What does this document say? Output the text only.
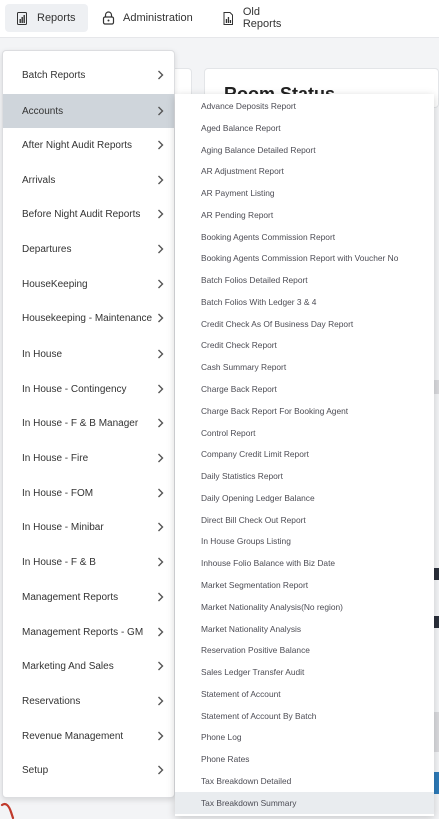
Reports	Administration	Old Reports
Batch Reports
Accounts
After Night Audit Reports
Arrivals
Before Night Audit Reports
Departures
HouseKeeping
Housekeeping - Maintenance
In House
In House - Contingency
In House - F & B Manager
In House - Fire
In House - FOM
In House - Minibar
In House - F & B
Management Reports
Management Reports - GM
Marketing And Sales
Reservations
Revenue Management
Setup
Advance Deposits Report
Aged Balance Report
Aging Balance Detailed Report
AR Adjustment Report
AR Payment Listing
AR Pending Report
Booking Agents Commission Report
Booking Agents Commission Report with Voucher No
Batch Folios Detailed Report
Batch Folios With Ledger 3 & 4
Credit Check As Of Business Day Report
Credit Check Report
Cash Summary Report
Charge Back Report
Charge Back Report For Booking Agent
Control Report
Company Credit Limit Report
Daily Statistics Report
Daily Opening Ledger Balance
Direct Bill Check Out Report
In House Groups Listing
Inhouse Folio Balance with Biz Date
Market Segmentation Report
Market Nationality Analysis(No region)
Market Nationality Analysis
Reservation Positive Balance
Sales Ledger Transfer Audit
Statement of Account
Statement of Account By Batch
Phone Log
Phone Rates
Tax Breakdown Detailed
Tax Breakdown Summary
